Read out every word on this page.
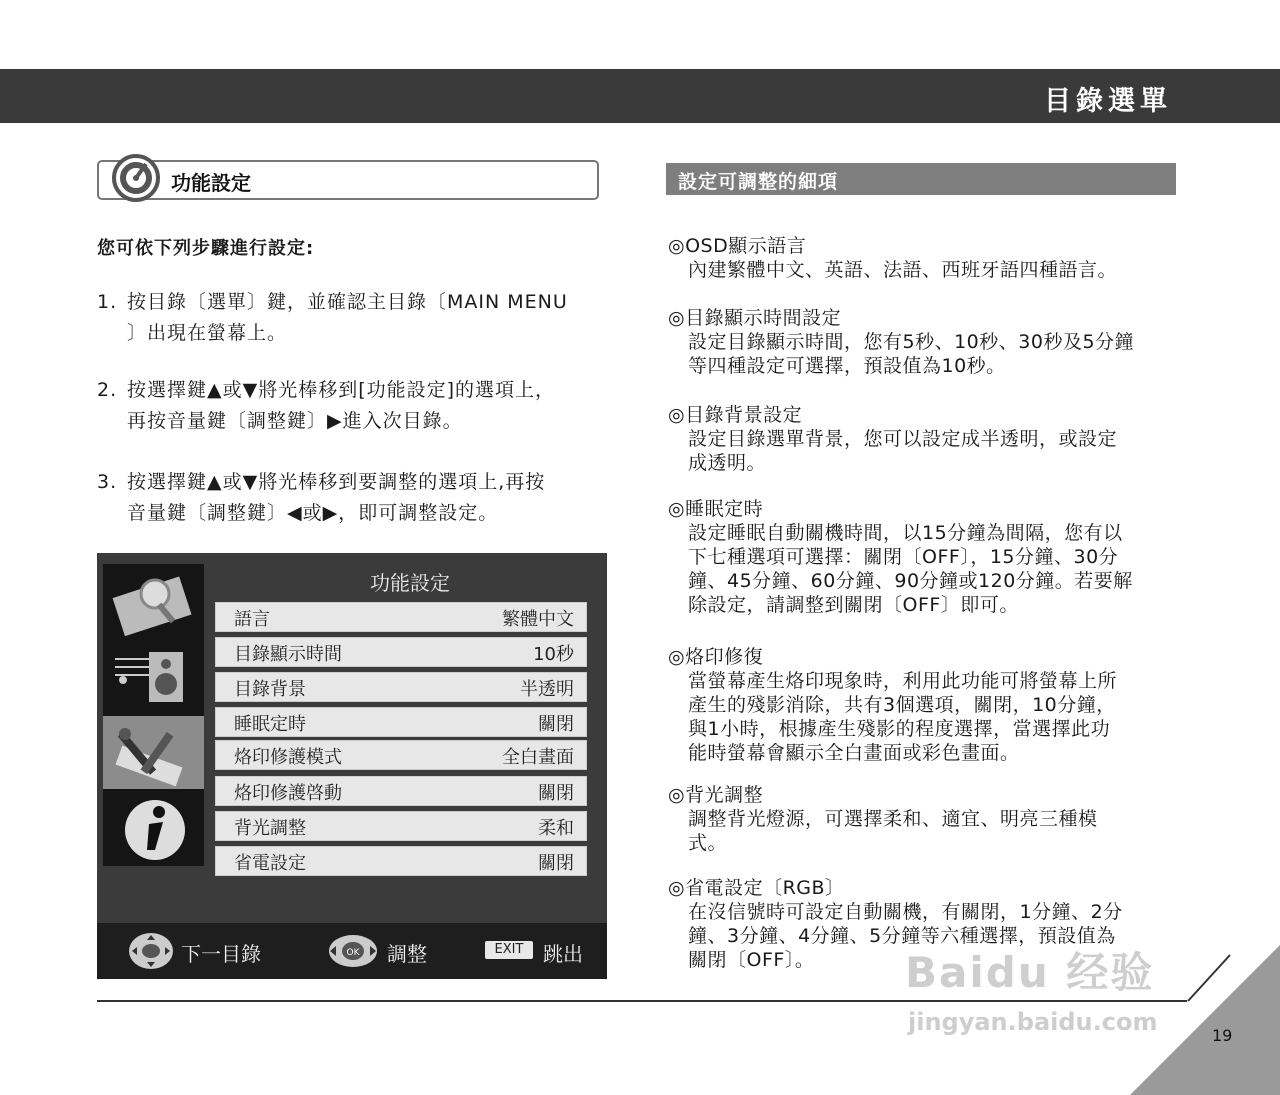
目錄選單
功能設定
您可依下列步驟進行設定:
1. 按目錄〔選單〕鍵，並確認主目錄〔MAIN MENU
〕出現在螢幕上。
2. 按選擇鍵▲或▼將光棒移到[功能設定]的選項上，
再按音量鍵〔調整鍵〕▶進入次目錄。
3. 按選擇鍵▲或▼將光棒移到要調整的選項上,再按
音量鍵〔調整鍵〕◀或▶，即可調整設定。
功能設定
語言	繁體中文
目錄顯示時間	10秒
目錄背景	半透明
睡眠定時	關閉
烙印修護模式	全白畫面
烙印修護啓動	關閉
背光調整	柔和
省電設定	關閉
下一目錄	OK 調整	EXIT 跳出
設定可調整的細項
◎OSD顯示語言
內建繁體中文、英語、法語、西班牙語四種語言。
◎目錄顯示時間設定
設定目錄顯示時間，您有5秒、10秒、30秒及5分鐘
等四種設定可選擇，預設值為10秒。
◎目錄背景設定
設定目錄選單背景，您可以設定成半透明，或設定
成透明。
◎睡眠定時
設定睡眠自動關機時間，以15分鐘為間隔，您有以
下七種選項可選擇：關閉〔OFF〕，15分鐘、30分
鐘、45分鐘、60分鐘、90分鐘或120分鐘。若要解
除設定，請調整到關閉〔OFF〕即可。
◎烙印修復
當螢幕產生烙印現象時，利用此功能可將螢幕上所
產生的殘影消除，共有3個選項，關閉，10分鐘，
與1小時，根據產生殘影的程度選擇，當選擇此功
能時螢幕會顯示全白畫面或彩色畫面。
◎背光調整
調整背光燈源，可選擇柔和、適宜、明亮三種模
式。
◎省電設定〔RGB〕
在沒信號時可設定自動關機，有關閉，1分鐘、2分
鐘、3分鐘、4分鐘、5分鐘等六種選擇，預設值為
關閉〔OFF〕。	Baidu 经验
jingyan.baidu.com	19
